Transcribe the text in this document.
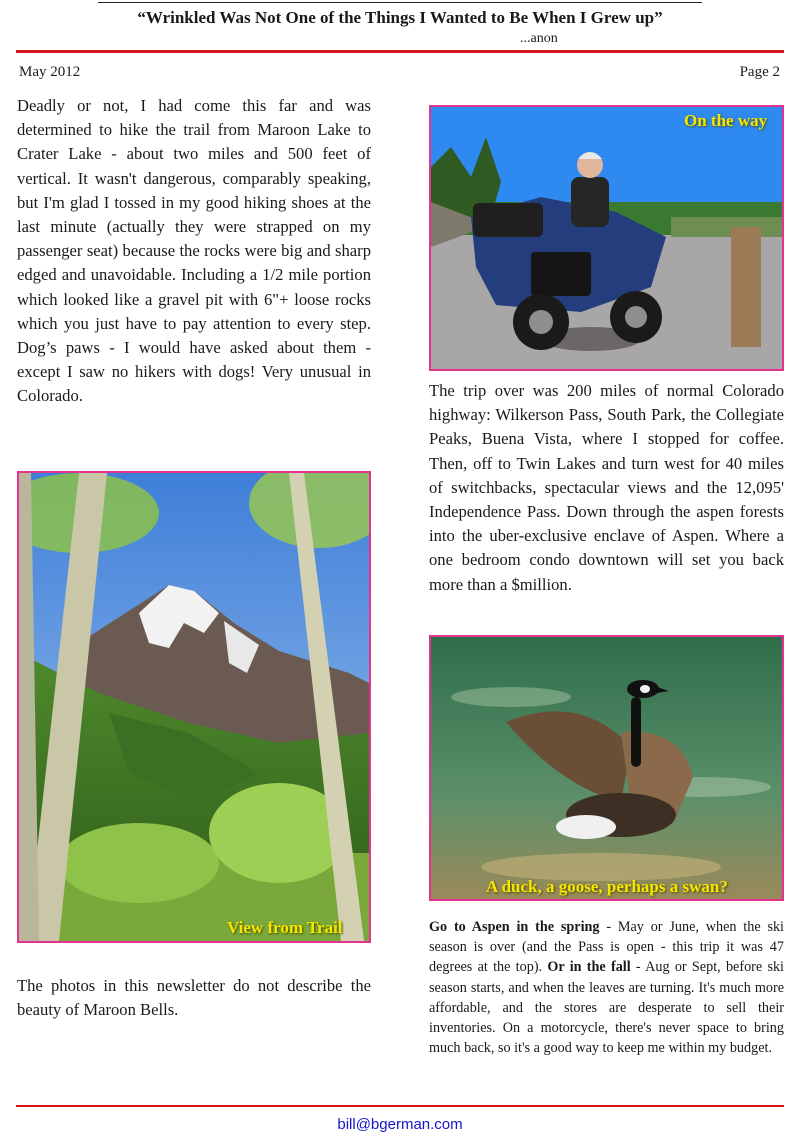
“Wrinkled Was Not One of the Things I Wanted to Be When I Grew up”
...anon
May 2012	Page 2
Deadly or not, I had come this far and was determined to hike the trail from Maroon Lake to Crater Lake - about two miles and 500 feet of vertical. It wasn't dangerous, comparably speaking, but I'm glad I tossed in my good hiking shoes at the last minute (actually they were strapped on my passenger seat) because the rocks were big and sharp edged and unavoidable. Including a 1/2 mile portion which looked like a gravel pit with 6"+ loose rocks which you just have to pay attention to every step. Dog’s paws - I would have asked about them - except I saw no hikers with dogs! Very unusual in Colorado.
View from Trail
The photos in this newsletter do not describe the beauty of Maroon Bells.
On the way
The trip over was 200 miles of normal Colorado highway: Wilkerson Pass, South Park, the Collegiate Peaks, Buena Vista, where I stopped for coffee. Then, off to Twin Lakes and turn west for 40 miles of switchbacks, spectacular views and the 12,095' Independence Pass. Down through the aspen forests into the uber-exclusive enclave of Aspen. Where a one bedroom condo downtown will set you back more than a $million.
A duck, a goose, perhaps a swan?
Go to Aspen in the spring - May or June, when the ski season is over (and the Pass is open - this trip it was 47 degrees at the top). Or in the fall - Aug or Sept, before ski season starts, and when the leaves are turning. It's much more affordable, and the stores are desperate to sell their inventories. On a motorcycle, there's never space to bring much back, so it's a good way to keep me within my budget.
bill@bgerman.com
